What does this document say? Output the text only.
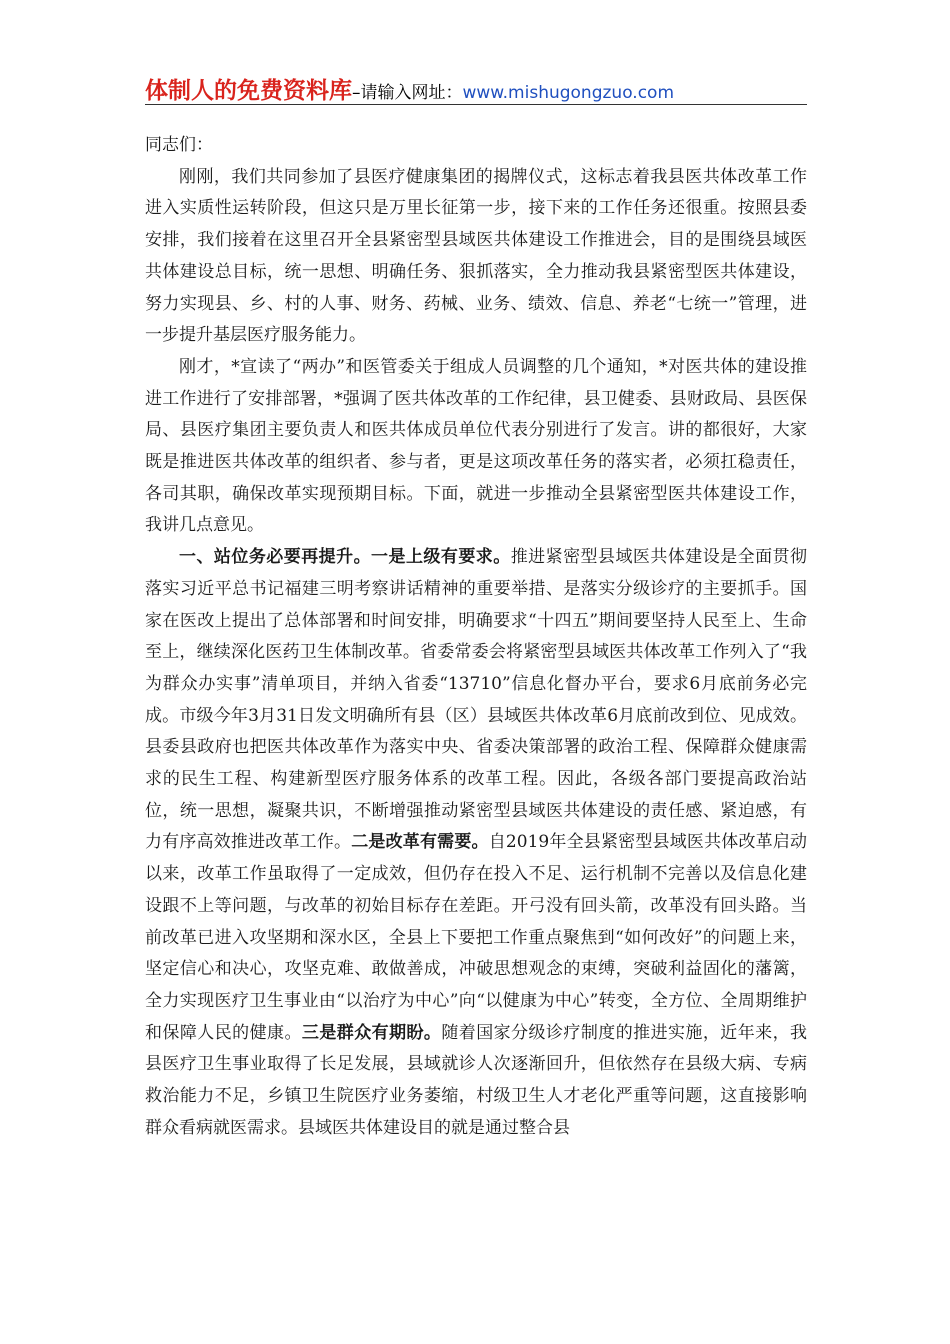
体制人的免费资料库–请输入网址：www.mishugongzuo.com

同志们：

刚刚，我们共同参加了县医疗健康集团的揭牌仪式，这标志着我县医共体改革工作进入实质性运转阶段，但这只是万里长征第一步，接下来的工作任务还很重。按照县委安排，我们接着在这里召开全县紧密型县域医共体建设工作推进会，目的是围绕县域医共体建设总目标，统一思想、明确任务、狠抓落实，全力推动我县紧密型医共体建设，努力实现县、乡、村的人事、财务、药械、业务、绩效、信息、养老“七统一”管理，进一步提升基层医疗服务能力。

刚才，*宣读了“两办”和医管委关于组成人员调整的几个通知，*对医共体的建设推进工作进行了安排部署，*强调了医共体改革的工作纪律，县卫健委、县财政局、县医保局、县医疗集团主要负责人和医共体成员单位代表分别进行了发言。讲的都很好，大家既是推进医共体改革的组织者、参与者，更是这项改革任务的落实者，必须扛稳责任，各司其职，确保改革实现预期目标。下面，就进一步推动全县紧密型医共体建设工作，我讲几点意见。

一、站位务必要再提升。一是上级有要求。推进紧密型县域医共体建设是全面贯彻落实习近平总书记福建三明考察讲话精神的重要举措、是落实分级诊疗的主要抓手。国家在医改上提出了总体部署和时间安排，明确要求“十四五”期间要坚持人民至上、生命至上，继续深化医药卫生体制改革。省委常委会将紧密型县域医共体改革工作列入了“我为群众办实事”清单项目，并纳入省委“13710”信息化督办平台，要求6月底前务必完成。市级今年3月31日发文明确所有县（区）县域医共体改革6月底前改到位、见成效。县委县政府也把医共体改革作为落实中央、省委决策部署的政治工程、保障群众健康需求的民生工程、构建新型医疗服务体系的改革工程。因此，各级各部门要提高政治站位，统一思想，凝聚共识，不断增强推动紧密型县域医共体建设的责任感、紧迫感，有力有序高效推进改革工作。二是改革有需要。自2019年全县紧密型县域医共体改革启动以来，改革工作虽取得了一定成效，但仍存在投入不足、运行机制不完善以及信息化建设跟不上等问题，与改革的初始目标存在差距。开弓没有回头箭，改革没有回头路。当前改革已进入攻坚期和深水区，全县上下要把工作重点聚焦到“如何改好”的问题上来，坚定信心和决心，攻坚克难、敢做善成，冲破思想观念的束缚，突破利益固化的藩篱，全力实现医疗卫生事业由“以治疗为中心”向“以健康为中心”转变，全方位、全周期维护和保障人民的健康。三是群众有期盼。随着国家分级诊疗制度的推进实施，近年来，我县医疗卫生事业取得了长足发展，县域就诊人次逐渐回升，但依然存在县级大病、专病救治能力不足，乡镇卫生院医疗业务萎缩，村级卫生人才老化严重等问题，这直接影响群众看病就医需求。县域医共体建设目的就是通过整合县
